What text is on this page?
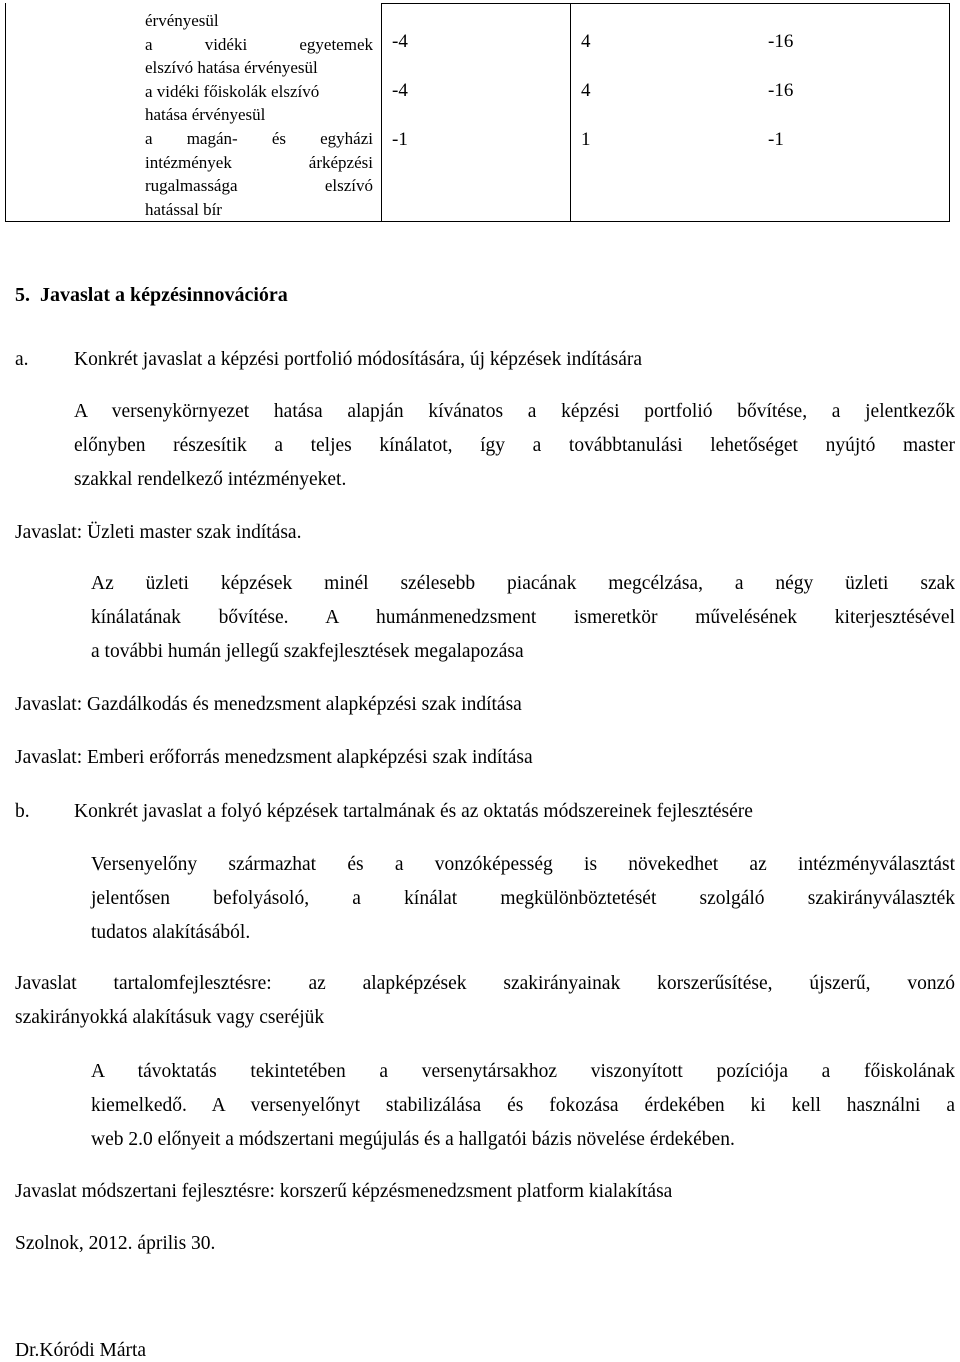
érvényesül
a vidéki egyetemek
elszívó hatása érvényesül
a vidéki főiskolák elszívó
hatása érvényesül
a magán- és egyházi
intézmények árképzési
rugalmassága elszívó
hatással bír
-4	4	-16
-4	4	-16
-1	1	-1
5.  Javaslat a képzésinnovációra
a. Konkrét javaslat a képzési portfolió módosítására, új képzések indítására
A versenykörnyezet hatása alapján kívánatos a képzési portfolió bővítése, a jelentkezők
előnyben részesítik a teljes kínálatot, így a továbbtanulási lehetőséget nyújtó master
szakkal rendelkező intézményeket.
Javaslat: Üzleti master szak indítása.
Az üzleti képzések minél szélesebb piacának megcélzása, a négy üzleti szak
kínálatának bővítése. A humánmenedzsment ismeretkör művelésének kiterjesztésével
a további humán jellegű szakfejlesztések megalapozása
Javaslat: Gazdálkodás és menedzsment alapképzési szak indítása
Javaslat: Emberi erőforrás menedzsment alapképzési szak indítása
b. Konkrét javaslat a folyó képzések tartalmának és az oktatás módszereinek fejlesztésére
Versenyelőny származhat és a vonzóképesség is növekedhet az intézményválasztást
jelentősen befolyásoló, a kínálat megkülönböztetését szolgáló szakirányválaszték
tudatos alakításából.
Javaslat tartalomfejlesztésre: az alapképzések szakirányainak korszerűsítése, újszerű, vonzó
szakirányokká alakításuk vagy cseréjük
A távoktatás tekintetében a versenytársakhoz viszonyított pozíciója a főiskolának
kiemelkedő. A versenyelőnyt stabilizálása és fokozása érdekében ki kell használni a
web 2.0 előnyeit a módszertani megújulás és a hallgatói bázis növelése érdekében.
Javaslat módszertani fejlesztésre: korszerű képzésmenedzsment platform kialakítása
Szolnok, 2012. április 30.
Dr.Kóródi Márta
